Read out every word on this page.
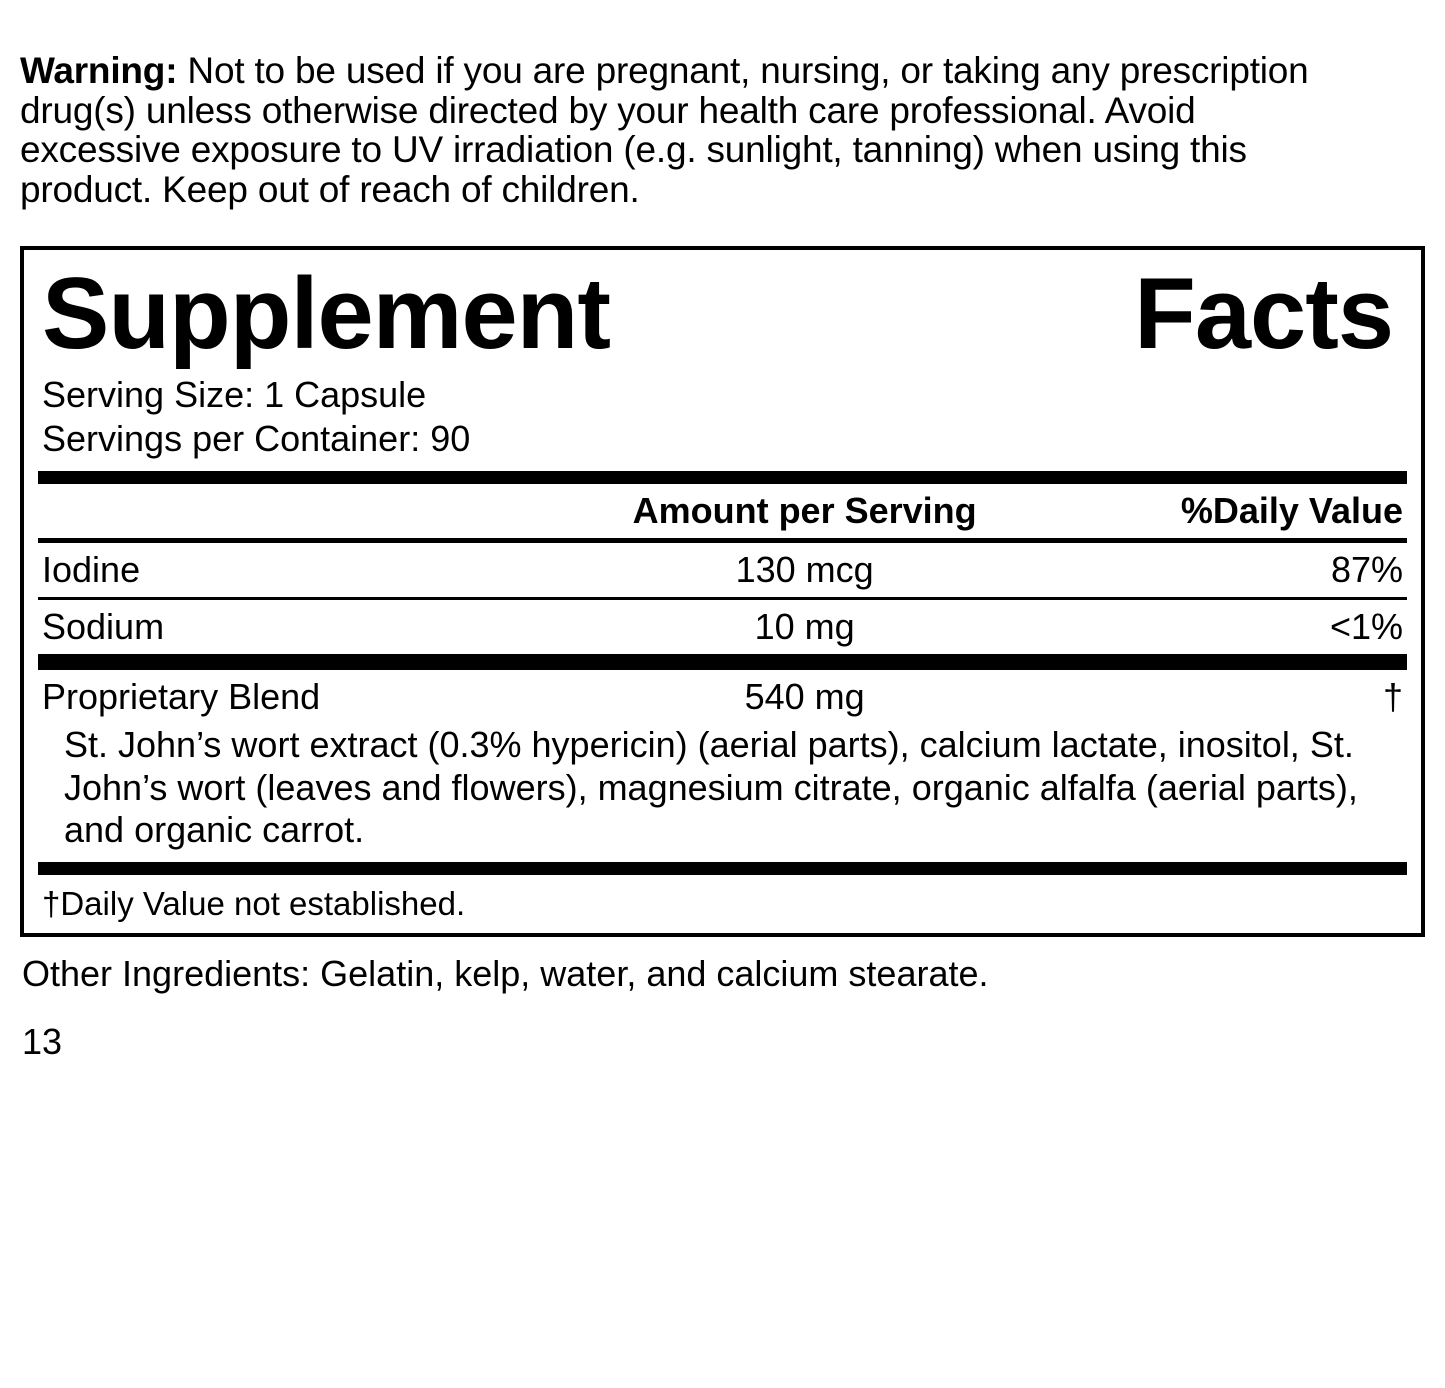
Warning: Not to be used if you are pregnant, nursing, or taking any prescription drug(s) unless otherwise directed by your health care professional. Avoid excessive exposure to UV irradiation (e.g. sunlight, tanning) when using this product. Keep out of reach of children.

Supplement	Facts
Serving Size: 1 Capsule
Servings per Container: 90
	Amount per Serving	%Daily Value
Iodine	130 mcg	87%
Sodium	10 mg	<1%
Proprietary Blend	540 mg	†
St. John’s wort extract (0.3% hypericin) (aerial parts), calcium lactate, inositol, St. John’s wort (leaves and flowers), magnesium citrate, organic alfalfa (aerial parts), and organic carrot.
†Daily Value not established.
Other Ingredients: Gelatin, kelp, water, and calcium stearate.
13
